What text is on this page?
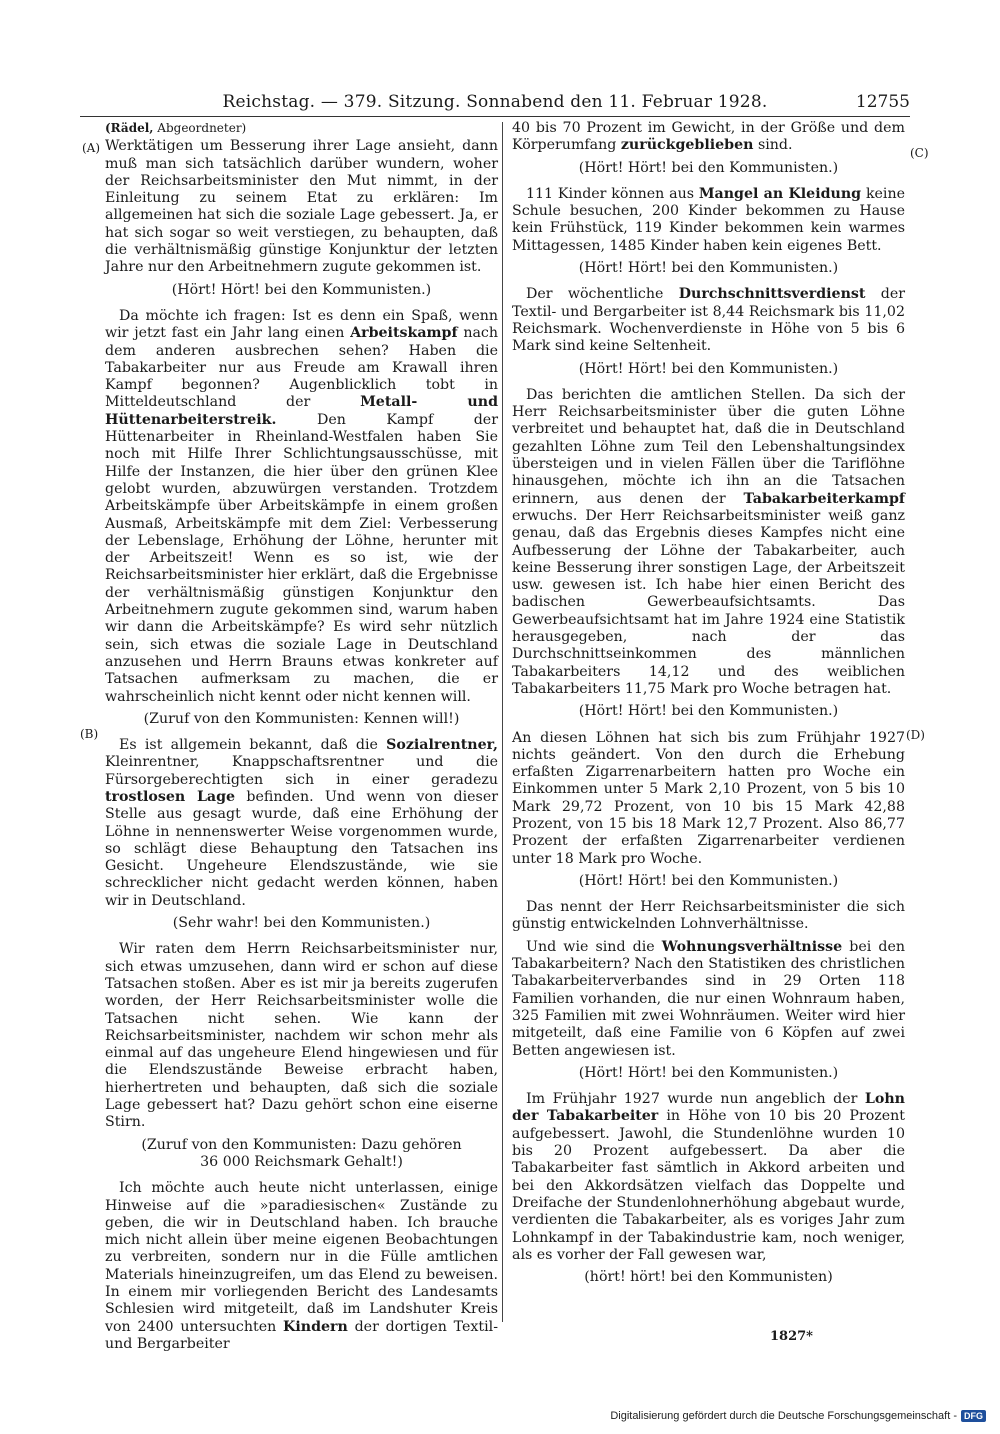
Reichstag. — 379. Sitzung. Sonnabend den 11. Februar 1928.	12755
(A)
(B)
(C)
(D)

(Rädel, Abgeordneter)

Werktätigen um Besserung ihrer Lage ansieht, dann muß man sich tatsächlich darüber wundern, woher der Reichsarbeitsminister den Mut nimmt, in der Einleitung zu seinem Etat zu erklären: Im allgemeinen hat sich die soziale Lage gebessert. Ja, er hat sich sogar so weit verstiegen, zu behaupten, daß die verhältnismäßig günstige Konjunktur der letzten Jahre nur den Arbeitnehmern zugute gekommen ist.

(Hört! Hört! bei den Kommunisten.)

Da möchte ich fragen: Ist es denn ein Spaß, wenn wir jetzt fast ein Jahr lang einen Arbeitskampf nach dem anderen ausbrechen sehen? Haben die Tabakarbeiter nur aus Freude am Krawall ihren Kampf begonnen? Augenblicklich tobt in Mitteldeutschland der	Metall- und Hüttenarbeiterstreik.	Den Kampf der Hüttenarbeiter in Rheinland-Westfalen haben Sie noch mit Hilfe Ihrer Schlichtungsausschüsse, mit Hilfe der Instanzen, die hier über den grünen Klee gelobt wurden, abzuwürgen verstanden. Trotzdem Arbeitskämpfe über Arbeitskämpfe in einem großen Ausmaß, Arbeitskämpfe mit dem Ziel: Verbesserung der Lebenslage, Erhöhung der Löhne, herunter mit der Arbeitszeit! Wenn es so ist, wie der Reichsarbeitsminister hier erklärt, daß die Ergebnisse der verhältnismäßig günstigen Konjunktur den Arbeitnehmern zugute gekommen sind, warum haben wir dann die Arbeitskämpfe? Es wird sehr nützlich sein, sich etwas die soziale Lage in Deutschland anzusehen und Herrn Brauns etwas konkreter auf Tatsachen aufmerksam zu machen, die er wahrscheinlich nicht kennt oder nicht kennen will.

(Zuruf von den Kommunisten: Kennen will!)

Es ist allgemein bekannt, daß die Sozialrentner, Kleinrentner, Knappschaftsrentner und die Fürsorgeberechtigten sich in einer geradezu trostlosen Lage befinden. Und wenn von dieser Stelle aus gesagt wurde, daß eine Erhöhung der Löhne in nennenswerter Weise vorgenommen wurde, so schlägt diese Behauptung den Tatsachen ins Gesicht. Ungeheure Elendszustände, wie sie schrecklicher nicht gedacht werden können, haben wir in Deutschland.

(Sehr wahr! bei den Kommunisten.)

Wir raten dem Herrn Reichsarbeitsminister nur, sich etwas umzusehen, dann wird er schon auf diese Tatsachen stoßen. Aber es ist mir ja bereits zugerufen worden, der Herr Reichsarbeitsminister wolle die Tatsachen nicht sehen. Wie kann der Reichsarbeitsminister, nachdem wir schon mehr als einmal auf das ungeheure Elend hingewiesen und für die Elendszustände Beweise erbracht haben, hierhertreten und behaupten, daß sich die soziale Lage gebessert hat? Dazu gehört schon eine eiserne Stirn.

(Zuruf von den Kommunisten: Dazu gehören
36 000 Reichsmark Gehalt!)

Ich möchte auch heute nicht unterlassen, einige Hinweise auf die »paradiesischen« Zustände zu geben, die wir in Deutschland haben. Ich brauche mich nicht allein über meine eigenen Beobachtungen zu verbreiten, sondern nur in die Fülle amtlichen Materials hineinzugreifen, um das Elend zu beweisen. In einem mir vorliegenden Bericht des Landesamts Schlesien wird mitgeteilt, daß im Landshuter Kreis von 2400 untersuchten Kindern der dortigen Textil- und Bergarbeiter

40 bis 70 Prozent im Gewicht, in der Größe und dem Körperumfang zurückgeblieben sind.

(Hört! Hört! bei den Kommunisten.)

111 Kinder können aus Mangel an Kleidung keine Schule besuchen, 200 Kinder bekommen zu Hause kein Frühstück, 119 Kinder bekommen kein warmes Mittagessen, 1485 Kinder haben kein eigenes Bett.

(Hört! Hört! bei den Kommunisten.)

Der wöchentliche Durchschnittsverdienst der Textil- und Bergarbeiter ist 8,44 Reichsmark bis 11,02 Reichsmark. Wochenverdienste in Höhe von 5 bis 6 Mark sind keine Seltenheit.

(Hört! Hört! bei den Kommunisten.)

Das berichten die amtlichen Stellen. Da sich der Herr Reichsarbeitsminister über die guten Löhne verbreitet und behauptet hat, daß die in Deutschland gezahlten Löhne zum Teil den Lebenshaltungsindex übersteigen und in vielen Fällen über die Tariflöhne hinausgehen, möchte ich ihn an die Tatsachen erinnern, aus denen der Tabakarbeiterkampf erwuchs. Der Herr Reichsarbeitsminister weiß ganz genau, daß das Ergebnis dieses Kampfes nicht eine Aufbesserung der Löhne der Tabakarbeiter, auch keine Besserung ihrer sonstigen Lage, der Arbeitszeit usw. gewesen ist. Ich habe hier einen Bericht des badischen Gewerbeaufsichtsamts. Das Gewerbeaufsichtsamt hat im Jahre 1924 eine Statistik herausgegeben, nach der das Durchschnittseinkommen des männlichen Tabakarbeiters 14,12 und des weiblichen Tabakarbeiters 11,75 Mark pro Woche betragen hat.

(Hört! Hört! bei den Kommunisten.)

An diesen Löhnen hat sich bis zum Frühjahr 1927 nichts geändert. Von den durch die Erhebung erfaßten Zigarrenarbeitern hatten pro Woche ein Einkommen unter 5 Mark 2,10 Prozent, von 5 bis 10 Mark 29,72 Prozent, von 10 bis 15 Mark 42,88 Prozent, von 15 bis 18 Mark 12,7 Prozent. Also 86,77 Prozent der erfaßten Zigarrenarbeiter verdienen unter 18 Mark pro Woche.

(Hört! Hört! bei den Kommunisten.)

Das nennt der Herr Reichsarbeitsminister die sich günstig entwickelnden Lohnverhältnisse.

Und wie sind die Wohnungsverhältnisse bei den Tabakarbeitern? Nach den Statistiken des christlichen Tabakarbeiterverbandes sind in 29 Orten 118 Familien vorhanden, die nur einen Wohnraum haben, 325 Familien mit zwei Wohnräumen. Weiter wird hier mitgeteilt, daß eine Familie von 6 Köpfen auf zwei Betten angewiesen ist.

(Hört! Hört! bei den Kommunisten.)

Im Frühjahr 1927 wurde nun angeblich der Lohn der Tabakarbeiter in Höhe von 10 bis 20 Prozent aufgebessert. Jawohl, die Stundenlöhne wurden 10 bis 20 Prozent aufgebessert. Da aber die Tabakarbeiter fast sämtlich in Akkord arbeiten und bei den Akkordsätzen vielfach das Doppelte und Dreifache der Stundenlohnerhöhung abgebaut wurde, verdienten die Tabakarbeiter, als es voriges Jahr zum Lohnkampf in der Tabakindustrie kam, noch weniger, als es vorher der Fall gewesen war,

(hört! hört! bei den Kommunisten)

1827*
Digitalisierung gefördert durch die Deutsche Forschungsgemeinschaft - DFG
